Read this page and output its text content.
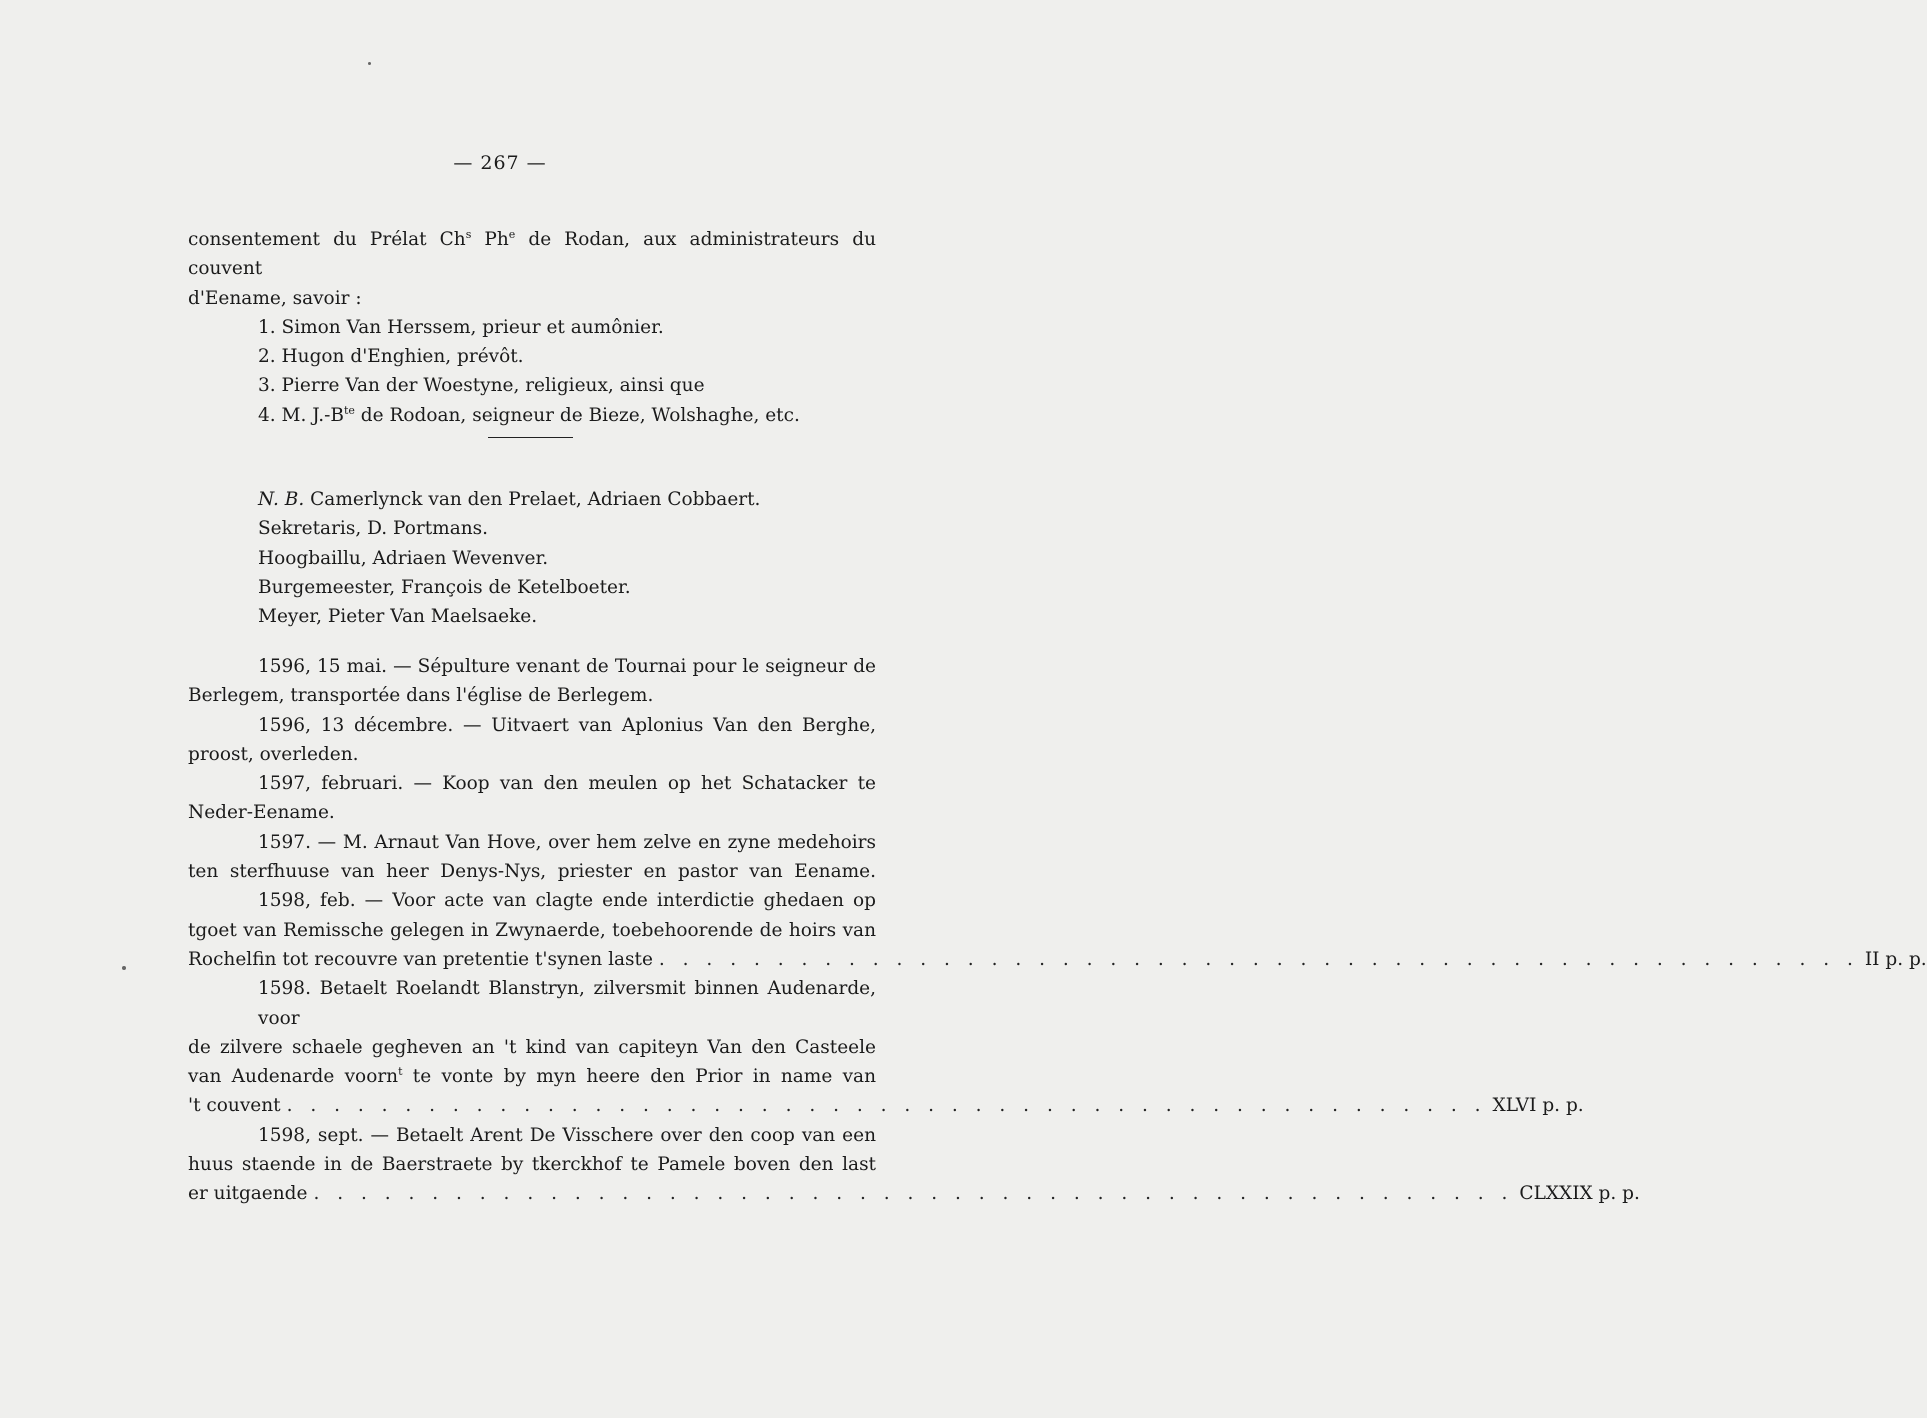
— 267 —
consentement du Prélat Ch$^s$ Ph$^e$ de Rodan, aux administrateurs du couvent
d'Eename, savoir :
1. Simon Van Herssem, prieur et aumônier.
2. Hugon d'Enghien, prévôt.
3. Pierre Van der Woestyne, religieux, ainsi que
4. M. $J.-B^{te}$ de Rodoan, seigneur de Bieze, Wolshaghe, etc.
N. B. Camerlynck van den Prelaet, Adriaen Cobbaert.
Sekretaris, D. Portmans.
Hoogbaillu, Adriaen Wevenver.
Burgemeester, François de Ketelboeter.
Meyer, Pieter Van Maelsaeke.
1596, 15 mai. — Sépulture venant de Tournai pour le seigneur de
Berlegem, transportée dans l'église de Berlegem.
1596, 13 décembre. — Uitvaert van Aplonius Van den Berghe,
proost, overleden.
1597, februari. — Koop van den meulen op het Schatacker te
Neder-Eename.
1597. — M. Arnaut Van Hove, over hem zelve en zyne medehoirs
ten sterfhuuse van heer Denys-Nys, priester en pastor van Eename.
1598, feb. — Voor acte van clagte ende interdictie ghedaen op
tgoet van Remissche gelegen in Zwynaerde, toebehoorende de hoirs van
Rochelfin tot recouvre van pretentie t'synen laste . . . . . . . . . . . . . . . . . . . . . . . . . . . . . . . . . . . . . . . . . . . . . . . . . . . II p. p.
1598. Betaelt Roelandt Blanstryn, zilversmit binnen Audenarde, voor
de zilvere schaele gegheven an 't kind van capiteyn Van den Casteele
van Audenarde voorn$^t$ te vonte by myn heere den Prior in name van
't couvent . . . . . . . . . . . . . . . . . . . . . . . . . . . . . . . . . . . . . . . . . . . . . . . . . . . XLVI p. p.
1598, sept. — Betaelt Arent De Visschere over den coop van een
huus staende in de Baerstraete by tkerckhof te Pamele boven den last
er uitgaende . . . . . . . . . . . . . . . . . . . . . . . . . . . . . . . . . . . . . . . . . . . . . . . . . . . CLXXIX p. p.
